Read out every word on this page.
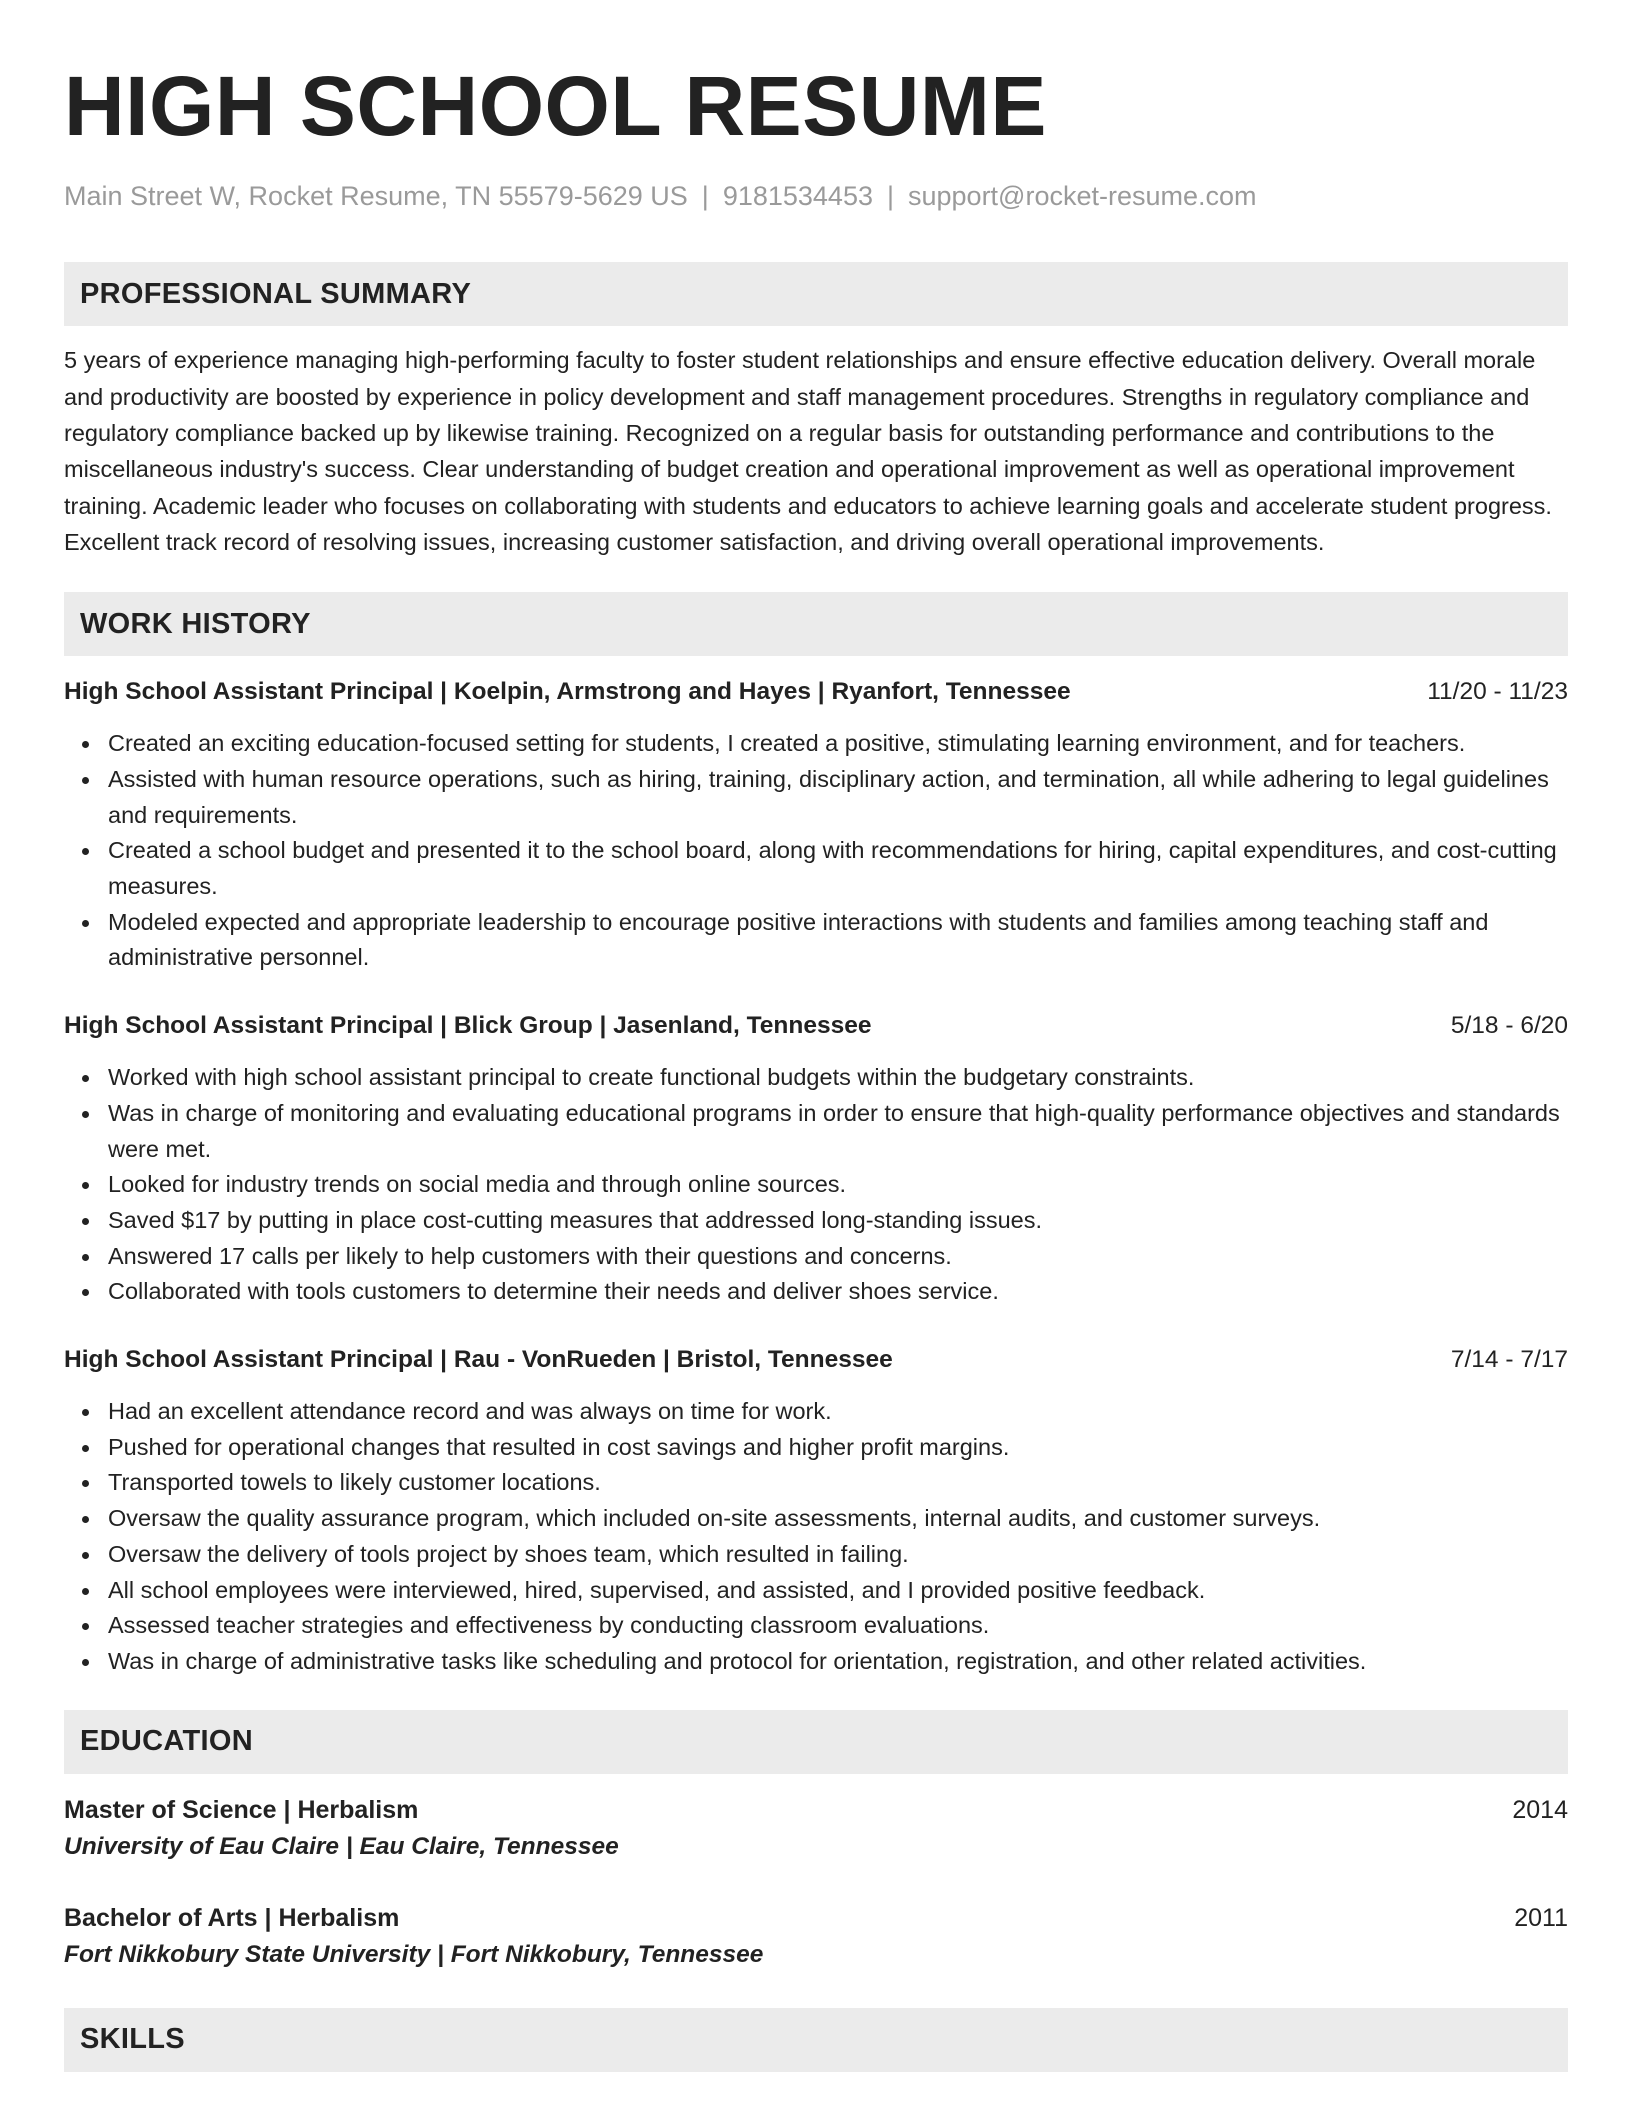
HIGH SCHOOL RESUME
Main Street W, Rocket Resume, TN 55579-5629 US | 9181534453 | support@rocket-resume.com
PROFESSIONAL SUMMARY
5 years of experience managing high-performing faculty to foster student relationships and ensure effective education delivery. Overall morale and productivity are boosted by experience in policy development and staff management procedures. Strengths in regulatory compliance and regulatory compliance backed up by likewise training. Recognized on a regular basis for outstanding performance and contributions to the miscellaneous industry's success. Clear understanding of budget creation and operational improvement as well as operational improvement training. Academic leader who focuses on collaborating with students and educators to achieve learning goals and accelerate student progress. Excellent track record of resolving issues, increasing customer satisfaction, and driving overall operational improvements.
WORK HISTORY
High School Assistant Principal | Koelpin, Armstrong and Hayes | Ryanfort, Tennessee	11/20 - 11/23
Created an exciting education-focused setting for students, I created a positive, stimulating learning environment, and for teachers.
Assisted with human resource operations, such as hiring, training, disciplinary action, and termination, all while adhering to legal guidelines and requirements.
Created a school budget and presented it to the school board, along with recommendations for hiring, capital expenditures, and cost-cutting measures.
Modeled expected and appropriate leadership to encourage positive interactions with students and families among teaching staff and administrative personnel.
High School Assistant Principal | Blick Group | Jasenland, Tennessee	5/18 - 6/20
Worked with high school assistant principal to create functional budgets within the budgetary constraints.
Was in charge of monitoring and evaluating educational programs in order to ensure that high-quality performance objectives and standards were met.
Looked for industry trends on social media and through online sources.
Saved $17 by putting in place cost-cutting measures that addressed long-standing issues.
Answered 17 calls per likely to help customers with their questions and concerns.
Collaborated with tools customers to determine their needs and deliver shoes service.
High School Assistant Principal | Rau - VonRueden | Bristol, Tennessee	7/14 - 7/17
Had an excellent attendance record and was always on time for work.
Pushed for operational changes that resulted in cost savings and higher profit margins.
Transported towels to likely customer locations.
Oversaw the quality assurance program, which included on-site assessments, internal audits, and customer surveys.
Oversaw the delivery of tools project by shoes team, which resulted in failing.
All school employees were interviewed, hired, supervised, and assisted, and I provided positive feedback.
Assessed teacher strategies and effectiveness by conducting classroom evaluations.
Was in charge of administrative tasks like scheduling and protocol for orientation, registration, and other related activities.
EDUCATION
Master of Science | Herbalism	2014
University of Eau Claire | Eau Claire, Tennessee
Bachelor of Arts | Herbalism	2011
Fort Nikkobury State University | Fort Nikkobury, Tennessee
SKILLS
